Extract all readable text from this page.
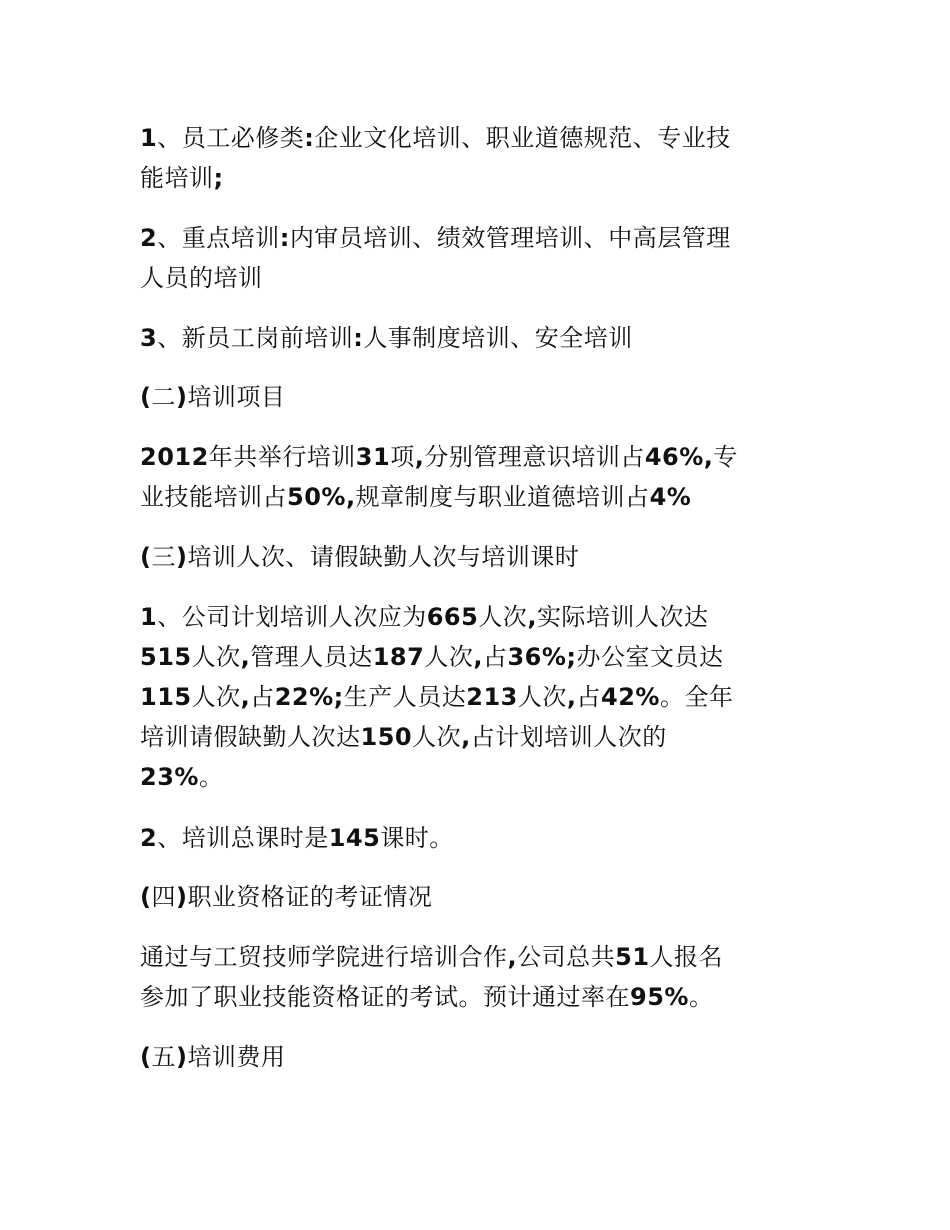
1、员工必修类:企业文化培训、职业道德规范、专业技
能培训;
2、重点培训:内审员培训、绩效管理培训、中高层管理
人员的培训
3、新员工岗前培训:人事制度培训、安全培训
(二)培训项目
2012年共举行培训31项,分别管理意识培训占46%,专
业技能培训占50%,规章制度与职业道德培训占4%
(三)培训人次、请假缺勤人次与培训课时
1、公司计划培训人次应为665人次,实际培训人次达
515人次,管理人员达187人次,占36%;办公室文员达
115人次,占22%;生产人员达213人次,占42%。全年
培训请假缺勤人次达150人次,占计划培训人次的
23%。
2、培训总课时是145课时。
(四)职业资格证的考证情况
通过与工贸技师学院进行培训合作,公司总共51人报名
参加了职业技能资格证的考试。预计通过率在95%。
(五)培训费用
